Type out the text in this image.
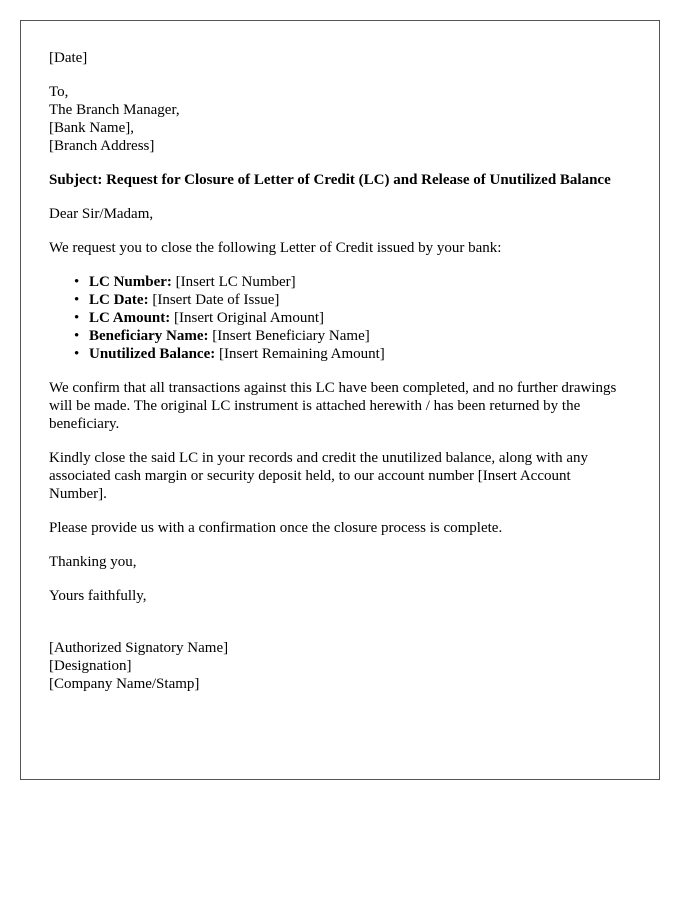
[Date]
To,
The Branch Manager,
[Bank Name],
[Branch Address]
Subject: Request for Closure of Letter of Credit (LC) and Release of Unutilized Balance
Dear Sir/Madam,
We request you to close the following Letter of Credit issued by your bank:
• LC Number: [Insert LC Number]
• LC Date: [Insert Date of Issue]
• LC Amount: [Insert Original Amount]
• Beneficiary Name: [Insert Beneficiary Name]
• Unutilized Balance: [Insert Remaining Amount]
We confirm that all transactions against this LC have been completed, and no further drawings will be made. The original LC instrument is attached herewith / has been returned by the beneficiary.
Kindly close the said LC in your records and credit the unutilized balance, along with any associated cash margin or security deposit held, to our account number [Insert Account Number].
Please provide us with a confirmation once the closure process is complete.
Thanking you,
Yours faithfully,
[Authorized Signatory Name]
[Designation]
[Company Name/Stamp]
